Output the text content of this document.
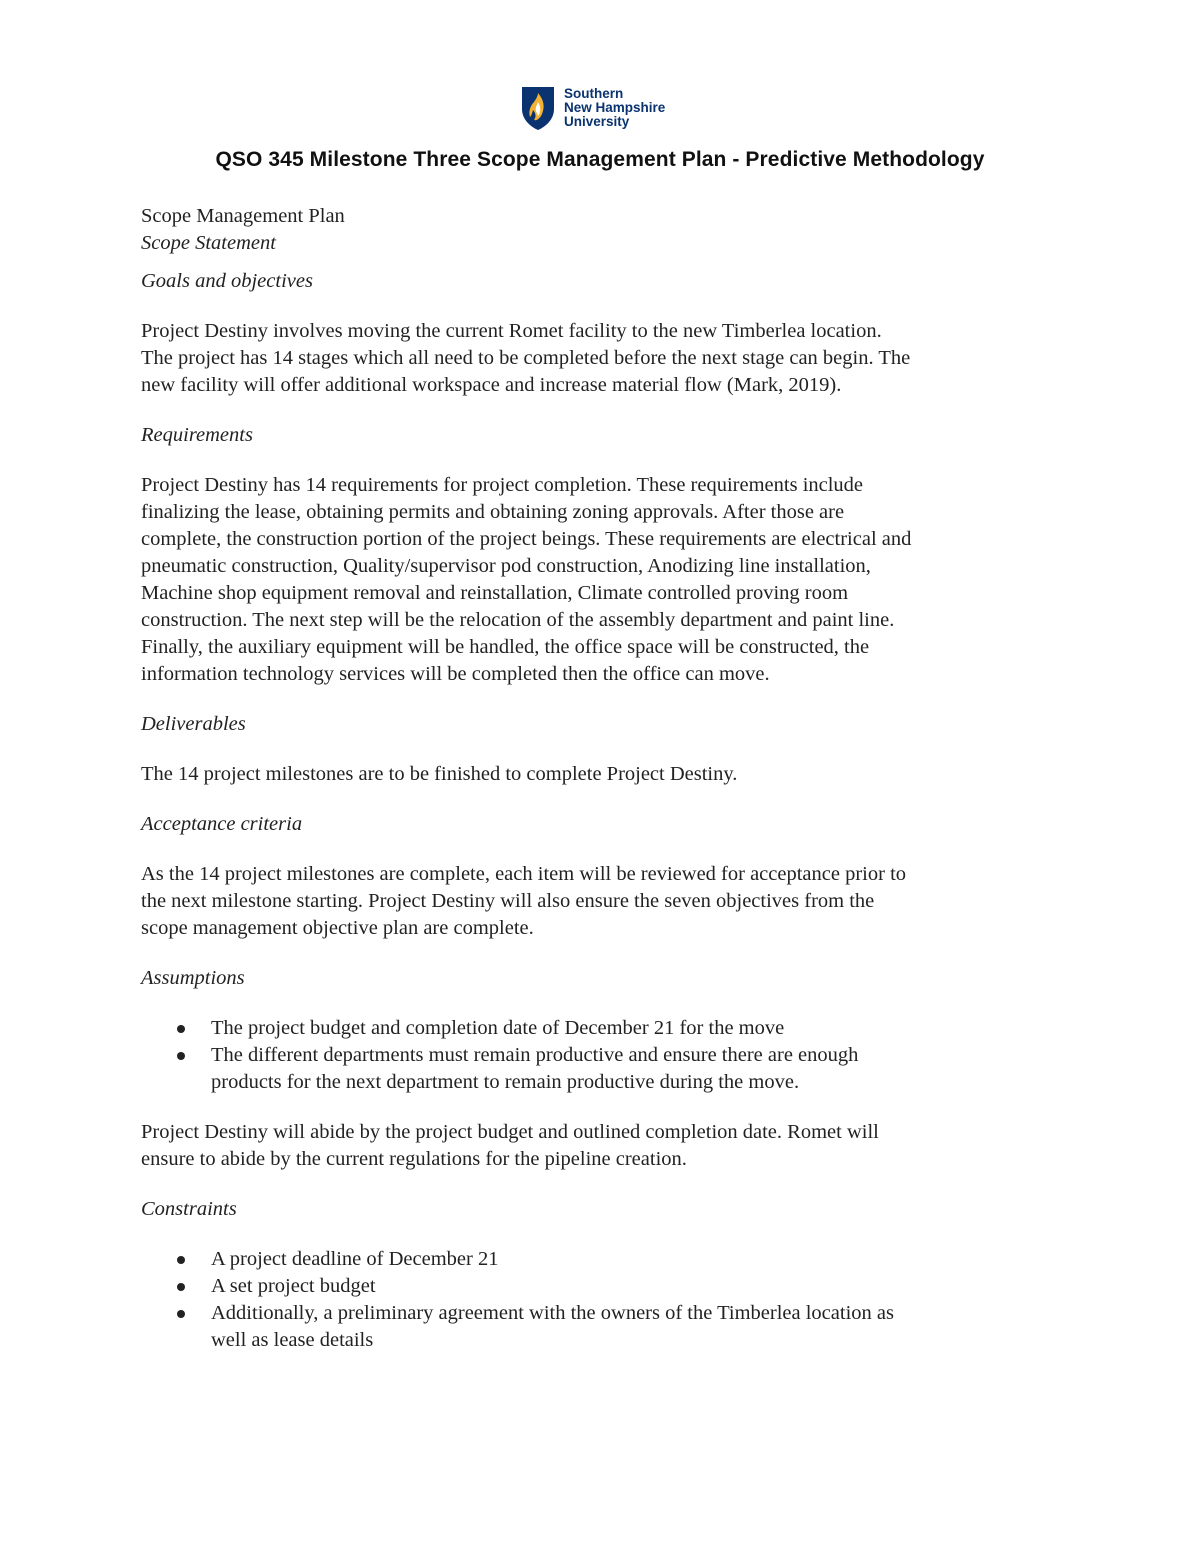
Southern
New Hampshire
University
QSO 345 Milestone Three Scope Management Plan - Predictive Methodology

Scope Management Plan

Scope Statement

Goals and objectives

Project Destiny involves moving the current Romet facility to the new Timberlea location.

The project has 14 stages which all need to be completed before the next stage can begin. The

new facility will offer additional workspace and increase material flow (Mark, 2019).

Requirements

Project Destiny has 14 requirements for project completion. These requirements include

finalizing the lease, obtaining permits and obtaining zoning approvals. After those are

complete, the construction portion of the project beings. These requirements are electrical and

pneumatic construction, Quality/supervisor pod construction, Anodizing line installation,

Machine shop equipment removal and reinstallation, Climate controlled proving room

construction. The next step will be the relocation of the assembly department and paint line.

Finally, the auxiliary equipment will be handled, the office space will be constructed, the

information technology services will be completed then the office can move.

Deliverables

The 14 project milestones are to be finished to complete Project Destiny.

Acceptance criteria

As the 14 project milestones are complete, each item will be reviewed for acceptance prior to

the next milestone starting. Project Destiny will also ensure the seven objectives from the

scope management objective plan are complete.

Assumptions

The project budget and completion date of December 21 for the move

The different departments must remain productive and ensure there are enough

products for the next department to remain productive during the move.

Project Destiny will abide by the project budget and outlined completion date. Romet will

ensure to abide by the current regulations for the pipeline creation.

Constraints

A project deadline of December 21

A set project budget

Additionally, a preliminary agreement with the owners of the Timberlea location as

well as lease details
